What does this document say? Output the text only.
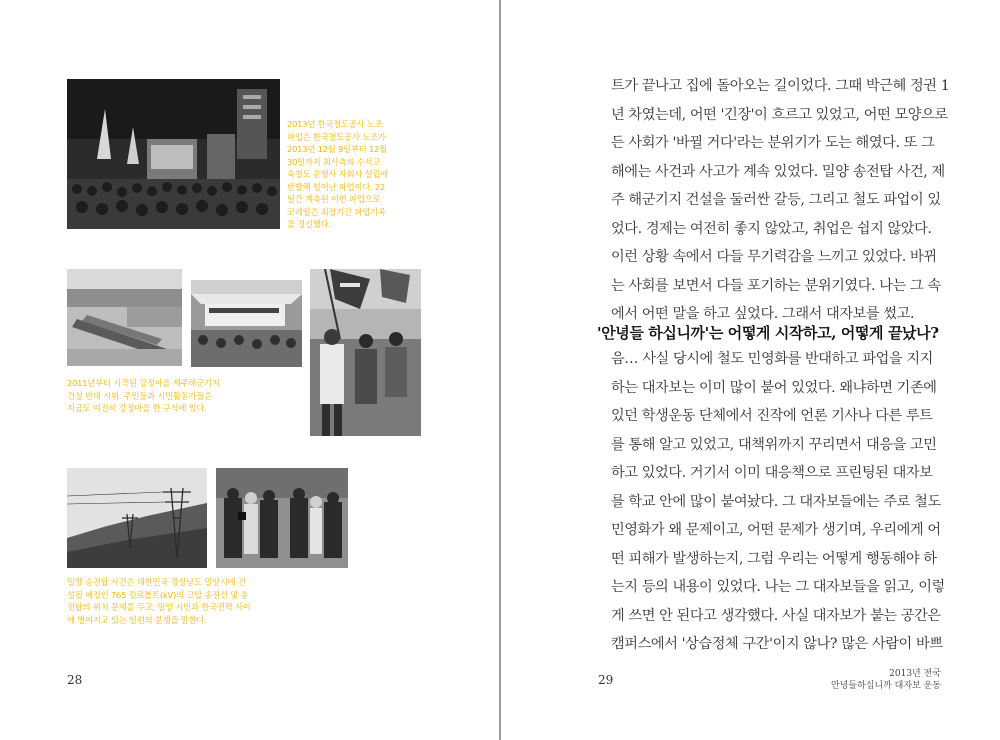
2013년 한국철도공사 노조
파업은 한국철도공사 노조가
2013년 12월 9일부터 12월
30일까지 회사측의 수서고
속철도 운영사 자회사 설립에
반발해 일어난 파업이다. 22
일간 계속된 이번 파업으로
코레일은 최장기간 파업기록
을 경신했다.
2011년부터 시작된 강정마을 제주해군기지
건설 반대 시위. 주민들과 시민활동가들은
지금도 여전히 강정마을 한 구석에 있다.
밀양 송전탑 사건은 대한민국 경상남도 밀양시에 건
설될 예정인 765 킬로볼트(kV)의 고압 송전선 및 송
전탑의 위치 문제를 두고, 밀양 시민과 한국전력 사이
에 벌어지고 있는 일련의 분쟁을 말한다.
28

트가 끝나고 집에 돌아오는 길이었다. 그때 박근혜 정권 1

년 차였는데, 어떤 '긴장'이 흐르고 있었고, 어떤 모양으로

든 사회가 '바뀔 거다'라는 분위기가 도는 해였다. 또 그

해에는 사건과 사고가 계속 있었다. 밀양 송전탑 사건, 제

주 해군기지 건설을 둘러싼 갈등, 그리고 철도 파업이 있

었다. 경제는 여전히 좋지 않았고, 취업은 쉽지 않았다.

이런 상황 속에서 다들 무기력감을 느끼고 있었다. 바뀌

는 사회를 보면서 다들 포기하는 분위기였다. 나는 그 속

에서 어떤 말을 하고 싶었다. 그래서 대자보를 썼고.

'안녕들 하십니까'는 어떻게 시작하고, 어떻게 끝났나?

음… 사실 당시에 철도 민영화를 반대하고 파업을 지지

하는 대자보는 이미 많이 붙어 있었다. 왜냐하면 기존에

있던 학생운동 단체에서 진작에 언론 기사나 다른 루트

를 통해 알고 있었고, 대책위까지 꾸리면서 대응을 고민

하고 있었다. 거기서 이미 대응책으로 프린팅된 대자보

를 학교 안에 많이 붙여놨다. 그 대자보들에는 주로 철도

민영화가 왜 문제이고, 어떤 문제가 생기며, 우리에게 어

떤 피해가 발생하는지, 그럼 우리는 어떻게 행동해야 하

는지 등의 내용이 있었다. 나는 그 대자보들을 읽고, 이렇

게 쓰면 안 된다고 생각했다. 사실 대자보가 붙는 공간은

캠퍼스에서 '상습정체 구간'이지 않나? 많은 사람이 바쁘

29	2013년 전국
안녕들하십니까 대자보 운동
